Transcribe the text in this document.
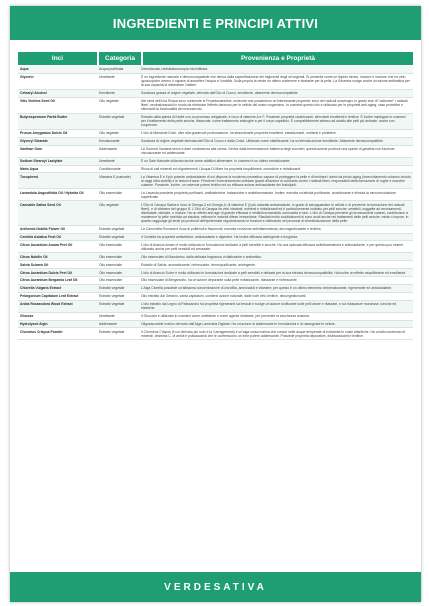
INGREDIENTI E PRINCIPI ATTIVI
Inci	Categoria	Provenienza e Proprietà
Aqua	Acqua purificata	Demolizzata, reidratataroscopia microfiltrata.
Glycerin	Umettante	È un ingrediente naturale e dermocompatibile che deriva dalla saponificazione dei trigliceridi degli oli vegetali. Si presenta come un liquido denso, inodore e incolore che ha virtù igroscopiche ovvero è capace di assorbire l'acqua e l'umidità. Sulla propria la rende un ottimo sostenere e idratante per la pelle. La Glicerina svolge anche un'azione antibattica per la sua capacità di disidratare i batteri.
Cetearyl Alcohol	Emolliente	Sostanza grassa di origine vegetale, derivata dall'Olio di Cocco, emolliente, altamente dermocompatibile.
Vitis Vinifera Seed Oil	Olio vegetale	Nei semi dell'Uva Rossa sono contenute le Proantocianidine, molecole che possiedono un'interessante proprietà: sono dei radicali scavenger, in grado cioè di "catturare" i radicali liberi, neutralizzandoli in modo da eliminare l'effetto dannoso per le cellule del nostro organismo. In cosmesi questo olio è utilizzato per le proprietà anti-aging, saso protettive e stimolanti la funzionalità del microcircolo.
Butyrospermum Parkii Butter	Estratto vegetale	Estratto dalla pianta di Karité con un processo artigianale, è ricco di vitamine A e F. Possiede proprietà cicatrizzanti, stimolanti emollienti e lenitive. È inoltre impiegato in cosmesi per il trattamento della pelle secche, dissecate, come trattamento antirughe e per il corpo capelluto. È compatibilmente adesso ad adatto alle pelli più delicate, anche con couperose.
Prunus Amygdalus Dulcis Oil	Olio vegetale	L'olio di Mandorle Dolci, oltre alla gradevole profumazione, ha straordinarie proprietà emollienti, elasticizzanti, nutrienti e protettive.
Glyceryl Stearate	Emulsionante	Sostanza di origine vegetale derivata dall'Olio di Cocco e dalla Colza. Utilizzato come stabilizzante, ha un'elevata azione emolliente. Altamente dermocompatibile.
Xanthan Gum	Addensante	La Gomma Xantana serve a dare consistenza alla crema. Deriva dalla fermentazione batterica degli zuccheri; questa azione produce una specie di gelatina con funzione viscosizzante ed addensante.
Sodium Stearoyl Lactylate	Umettante	È un Sale Naturale utilizzato anche come additivo alimentare. In cosmesi è un ottimo emulsionante.
Maris Aqua	Condizionante	Ricca di sali minerali ed oligoelementi, l'Acqua Di Mare ha proprietà riequilibranti, osmotiche e rivitalizzanti.
Tocopherol	Vitamina E (naturale)	La Vitamina E è il più potente antiossidante di cui dispone la moderna cosmetica; capace di proteggere la pelle e di lenirlare i danni da photo-aging (invecchiamento cutaneo dovuto ai raggi ultra-violetti) e le lesioni d'acne. Previene l'invecchiamento cellulare grazie all'azione di contrasto contro i radicali liberi, responsabili della formazione di rughe e macchie cutanee. Possiede, inoltre, un notevole potere lenitivo ed un efficace azione antiossidante dei fosfolipidi.
Lavandula Angustifolia Oil / Hybrida Oil	Olio essenziale	La Lavanda possiede proprietà purificanti, antibatteriche, balsamiche e antinfiammatorie. Inoltre, esercita un'attività purificante, cicatrizzante e stimola la microcircolazione superficiale.
Cannabis Sativa Seed Oil	Olio vegetale	L'Olio di Canapa Sativa è ricco di Omega-3 ed Omega-6, di vitamina E (il più naturale antiossidante, in grado di salvaguardare le cellule e di prevenire la formazione dei radicali liberi), e di vitamine del gruppo B. L'Olio di Canapa ha virtù idratanti, nutrienti e rivitalizzanti ed è particolarmente indicato per pelli secche, sensibili, soggette ad arrossamenti, disidratate, delicate, o mature. Ha un effetto anti-age di grande efficacia e restitutiva elasticità, luminosità e tono. L'olio di Canapa previene gli arrossamenti cutanei, contribuisce a mantenere la pelle morbida ad elastica, rafforza le naturali difese immunitarie. Risultati molto soddisfacenti si sono avuti anche nei trattamenti delle pelli secche, miste o impure, in quanto raggiunge gli strati più profondi dell'epidermide regolarizzando le funzioni e riattivando nei processi di cheratinizzazione della pelle.
Anthemis Nobilis Flower Oil	Estratto vegetale	La Camomilla Romana è ricca di polifenoli e flavonoidi, esercita un'azione antinfiammatoria, decongestionante e lenitiva.
Centella Asiatica Fruit Oil	Estratto vegetale	Il Centella ha proprietà antisettiche, antiossidante e digestive. Ha inoltre efficacia astringente e fungicida.
Citrus Aurantium Amara Peel Oil	Olio essenziale	L'olio di Arancio Amaro è molto utilizzato in formulazioni dedicate a pelli sensibili e secche. Ha una spiccata efficacia antinfiammatoria e antiossidante, e per questo può essere utilizzato anche per pelli sensibili ed arrossate.
Citrus Nobilis Oil	Olio essenziale	Olio essenziale di Mandarino, dalla delicata fragranza, rivitalizzante e antisettico.
Salvia Sclarea Oil	Olio essenziale	Estratto di Salvia, aromatizzante, rinfrescante, dermopurificante, astringente.
Citrus Aurantium Dulcis Peel Oil	Olio essenziale	L'olio di Arancio Dolce è molto utilizzato in formulazioni dedicate a pelli sensibili e delicate per la sua elevata dermocompatibilità. Ha inoltre un effetto riequilibrante ed emolliente.
Citrus Aurantium Bergamia Leaf Oil	Olio essenziale	Olio essenziale di Bergamotto, ha un'azione depurante sulla pelle rivitalizzante, rilassante e rinfrescante.
Chlorella Vulgaris Extract	Estratto vegetale	L'Alga Clorella possiede un'altissima concentrazione di clorofilla, aminoacidi e vitamine; per questo è un ottimo elemento rimineralizzante, rigenerante ed antiossidante.
Pelargonium Capitatum Leaf Extract	Estratto vegetale	Olio estratto dal Geranio, vanta capitatum, contiene azione naturale, dalle note virtù lenitive, decongestionanti.
Aniba Rosaeodora Wood Extract	Estratto vegetale	L'olio estratto dal Legno di Palissandro ha proprietà rigeneranti sui tessuti e svolge un'azione tonificante sulle pelli atone e rilassate, e sui rilassature mordosse, toniche ed elastiche.
Glucose	Umettante	Il Glucosio è utilizzato in cosmesi come umettante e come agente idratante, per prevenire la secchezza cutanea.
Hydrolyzed Algin	Addensante	Oligosaccaride marino derivato dall'Alga Laminaria Digitata. Ha un'azione di addensante le formulazioni e di rassegnare le cellule.
Chondrus Crispus Powder	Estratto vegetale	Il Chondrus Crispus (il cui derivato più noto è la Carrageenina) è un'alga rossa marina che cresce nelle acque temperate di entrambe le coste atlantiche. Ha un'alto contenuto di minerali, vitamina C, di amidi e polisaccaridi che le conferiscono un forte potere addensante. Possiede proprietà depurative, disintossicanti e lenitive.
VERDESATIVA
